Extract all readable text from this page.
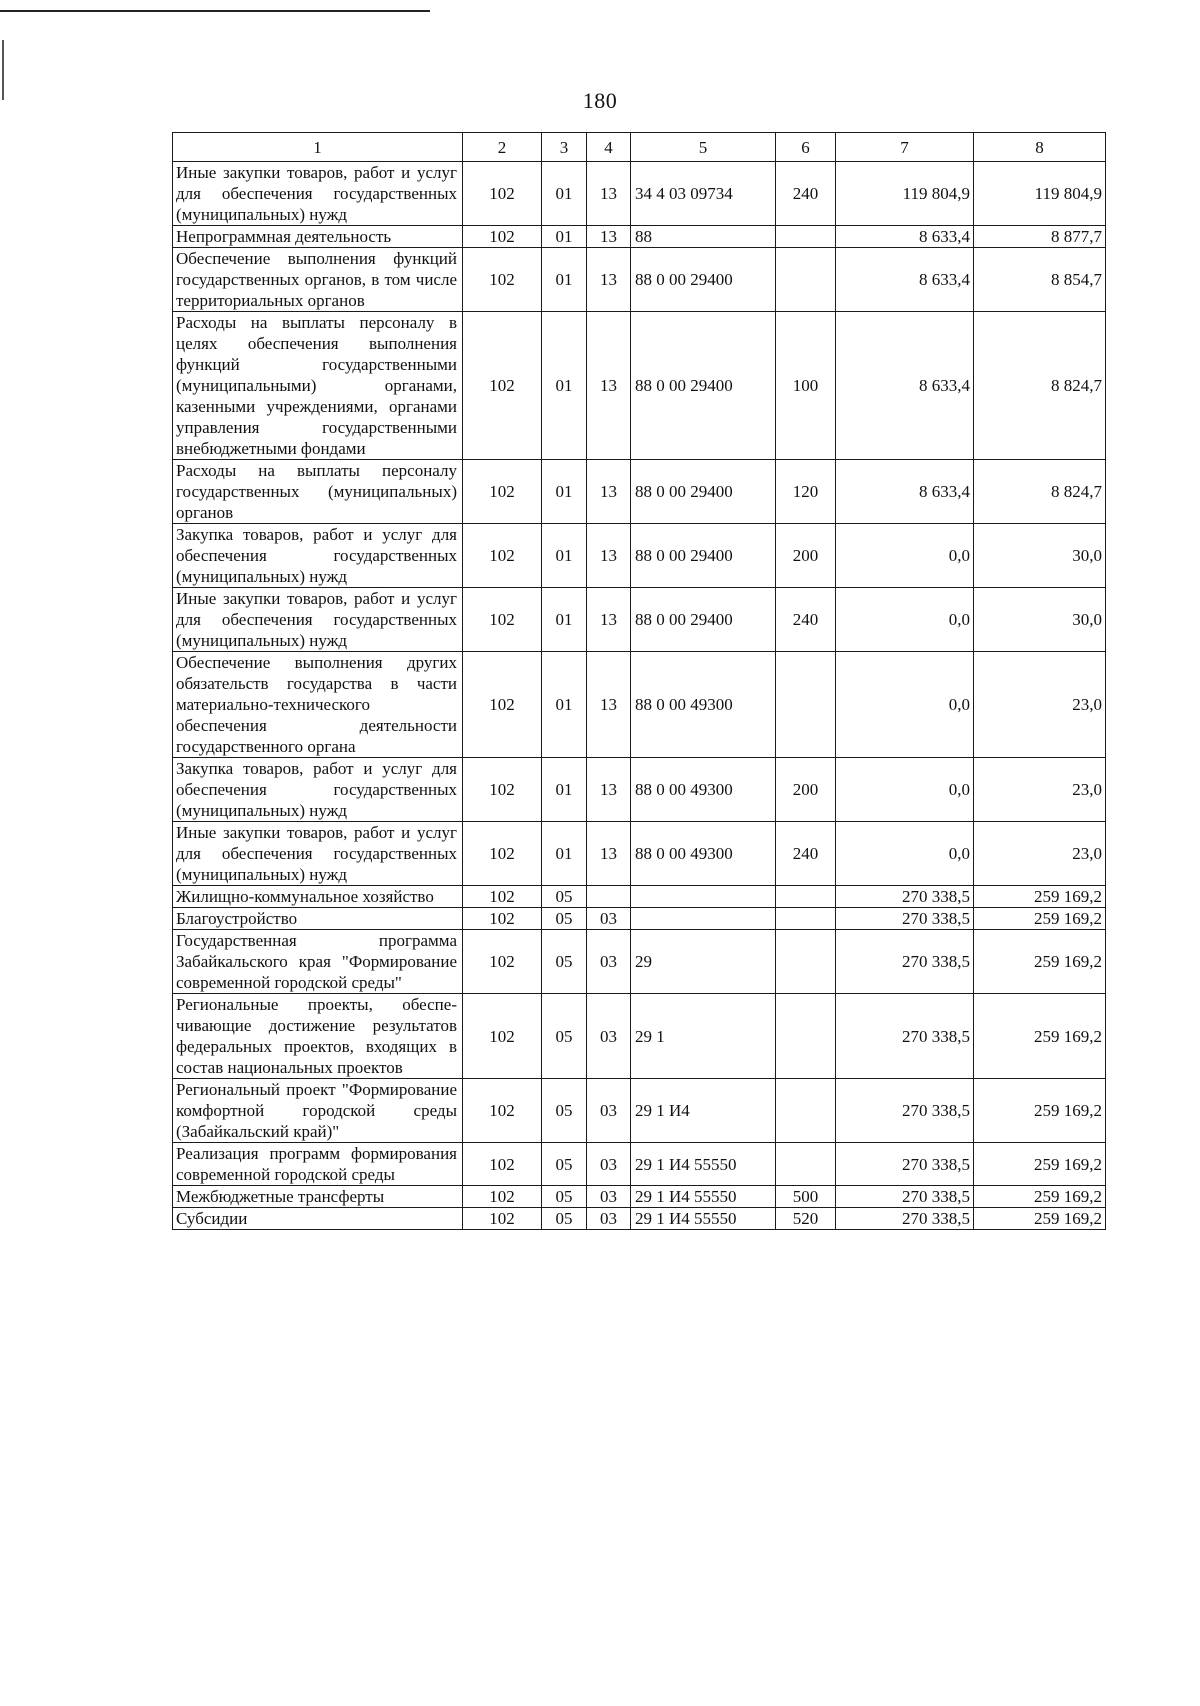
180
1	2	3	4	5	6	7	8
Иные закупки товаров, работ и услуг для обеспечения государственных (муниципальных) нужд	102	01	13	34 4 03 09734	240	119 804,9	119 804,9
Непрограммная деятельность	102	01	13	88		8 633,4	8 877,7
Обеспечение выполнения функций государственных органов, в том числе территориальных органов	102	01	13	88 0 00 29400		8 633,4	8 854,7
Расходы на выплаты персоналу в целях обеспечения выполнения функций государственными (муниципальными) органами, казенными учреждениями, органами управления государственными внебюджетными фондами	102	01	13	88 0 00 29400	100	8 633,4	8 824,7
Расходы на выплаты персоналу государственных (муниципальных) органов	102	01	13	88 0 00 29400	120	8 633,4	8 824,7
Закупка товаров, работ и услуг для обеспечения государственных (муниципальных) нужд	102	01	13	88 0 00 29400	200	0,0	30,0
Иные закупки товаров, работ и услуг для обеспечения государственных (муниципальных) нужд	102	01	13	88 0 00 29400	240	0,0	30,0
Обеспечение выполнения других обязательств государства в части материально-технического обеспечения деятельности государственного органа	102	01	13	88 0 00 49300		0,0	23,0
Закупка товаров, работ и услуг для обеспечения государственных (муниципальных) нужд	102	01	13	88 0 00 49300	200	0,0	23,0
Иные закупки товаров, работ и услуг для обеспечения государственных (муниципальных) нужд	102	01	13	88 0 00 49300	240	0,0	23,0
Жилищно-коммунальное хозяйство	102	05				270 338,5	259 169,2
Благоустройство	102	05	03			270 338,5	259 169,2
Государственная программа Забайкальского края "Формирование современной городской среды"	102	05	03	29		270 338,5	259 169,2
Региональные проекты, обеспечивающие достижение результатов федеральных проектов, входящих в состав национальных проектов	102	05	03	29 1		270 338,5	259 169,2
Региональный проект "Формирование комфортной городской среды (Забайкальский край)"	102	05	03	29 1 И4		270 338,5	259 169,2
Реализация программ формирования современной городской среды	102	05	03	29 1 И4 55550		270 338,5	259 169,2
Межбюджетные трансферты	102	05	03	29 1 И4 55550	500	270 338,5	259 169,2
Субсидии	102	05	03	29 1 И4 55550	520	270 338,5	259 169,2
